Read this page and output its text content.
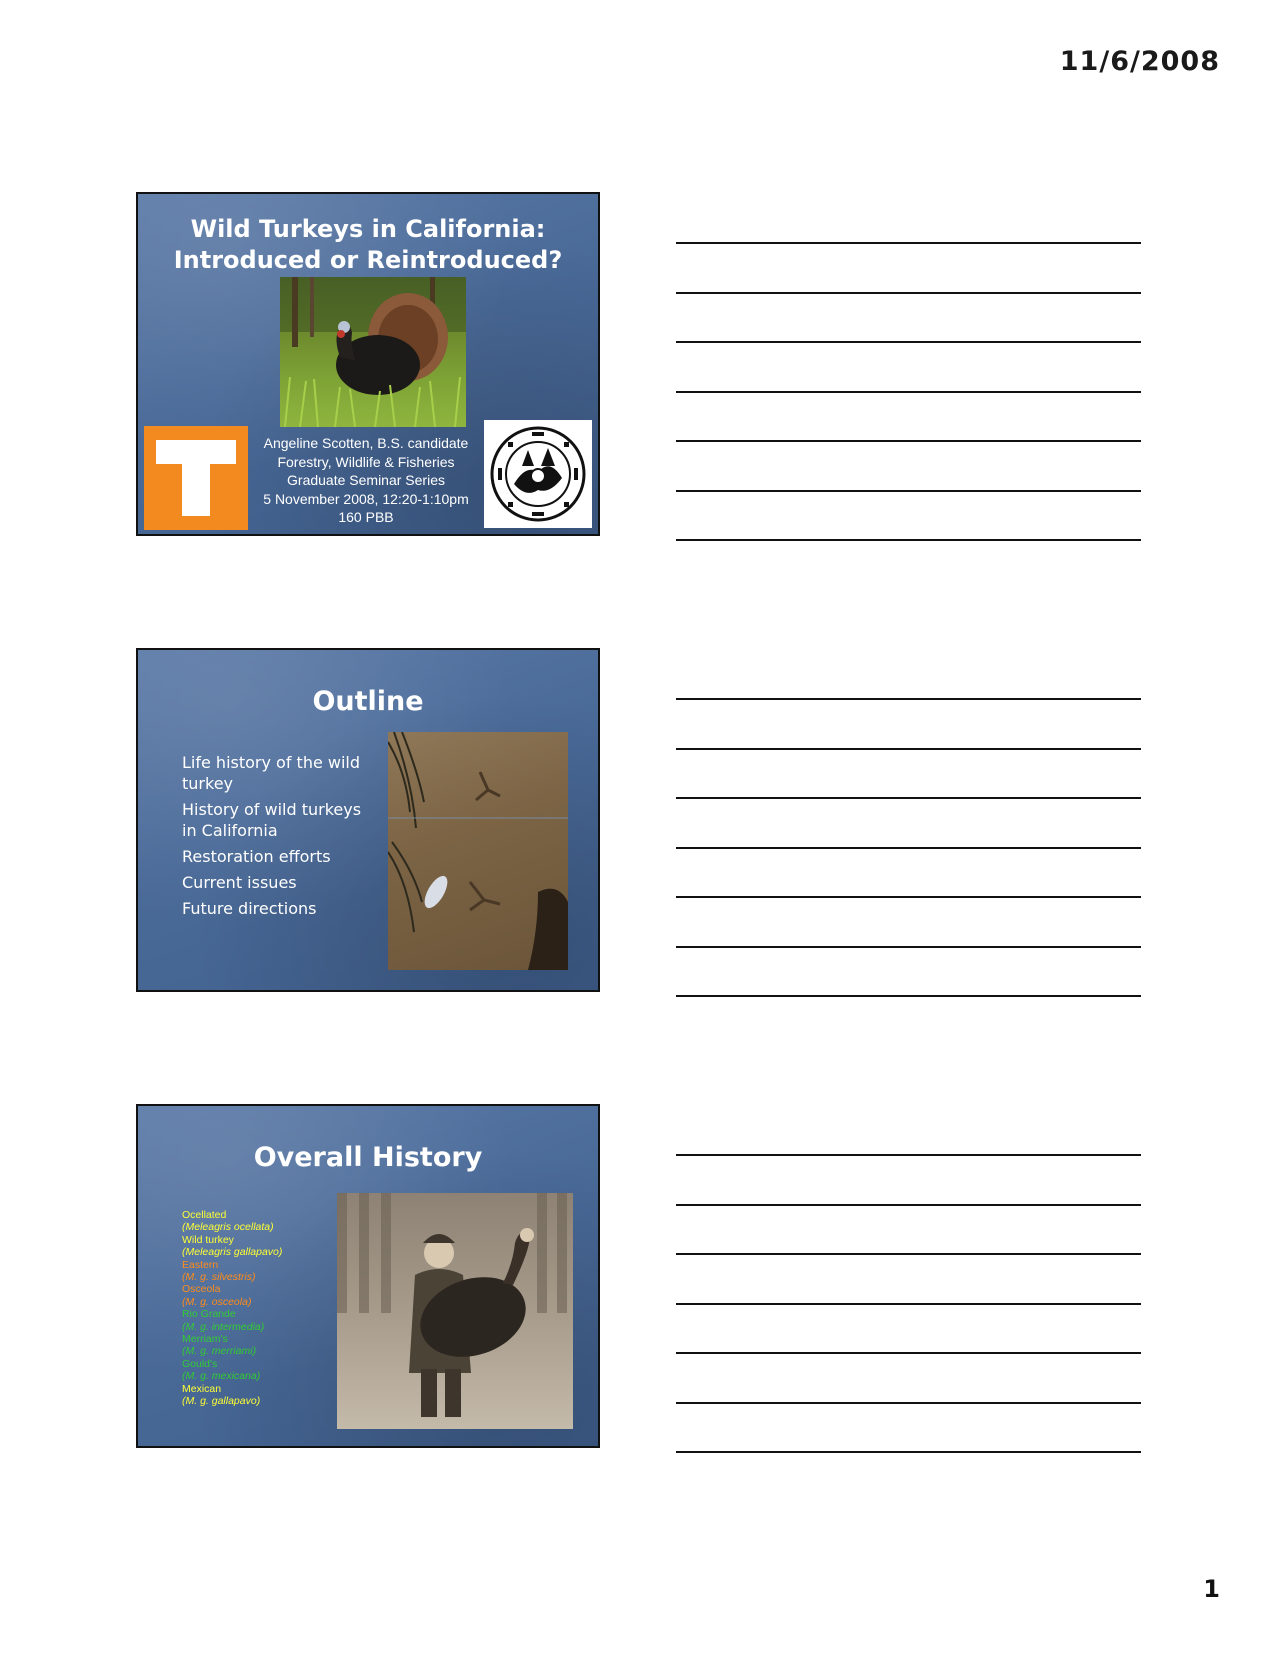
11/6/2008
Wild Turkeys in California:
Introduced or Reintroduced?
Angeline Scotten, B.S. candidate
Forestry, Wildlife & Fisheries
Graduate Seminar Series
5 November 2008, 12:20-1:10pm
160 PBB
Outline
Life history of the wild turkey
History of wild turkeys in California
Restoration efforts
Current issues
Future directions
Overall History
Ocellated
(Meleagris ocellata)
Wild turkey
(Meleagris gallapavo)
Eastern
(M. g. silvestris)
Osceola
(M. g. osceola)
Rio Grande
(M. g. intermedia)
Merriam's
(M. g. merriami)
Gould's
(M. g. mexicana)
Mexican
(M. g. gallapavo)
1
